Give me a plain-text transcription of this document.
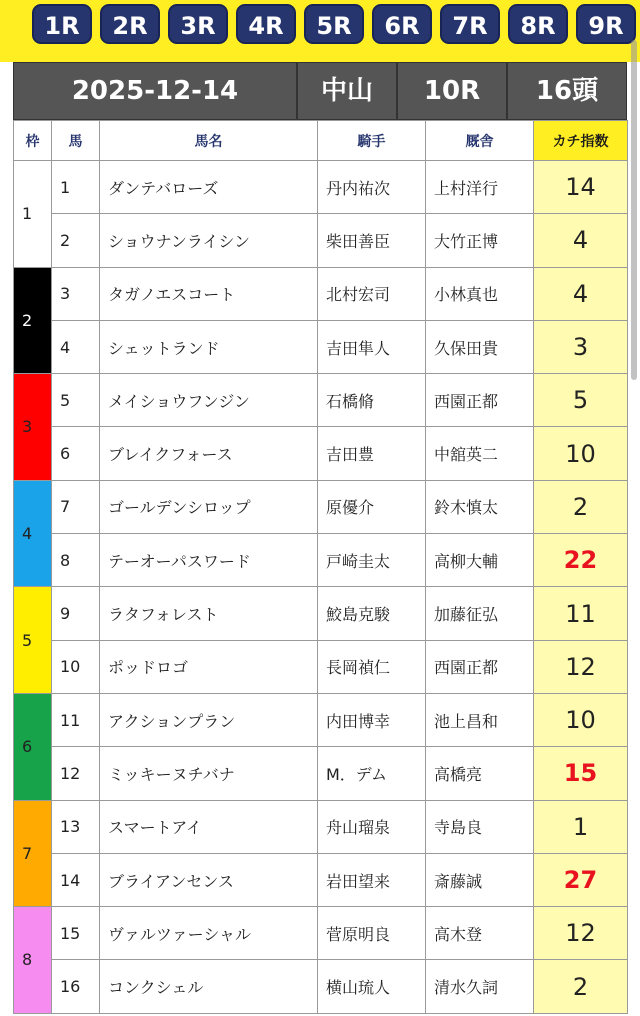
1R	2R	3R	4R	5R	6R	7R	8R	9R
2025-12-14	中山	10R	16頭
枠	馬	馬名	騎手	厩舎	カチ指数
1	1	ダンテバローズ	丹内祐次	上村洋行	14
	2	ショウナンライシン	柴田善臣	大竹正博	4
2	3	タガノエスコート	北村宏司	小林真也	4
	4	シェットランド	吉田隼人	久保田貴	3
3	5	メイショウフンジン	石橋脩	西園正都	5
	6	ブレイクフォース	吉田豊	中舘英二	10
4	7	ゴールデンシロップ	原優介	鈴木慎太	2
	8	テーオーパスワード	戸崎圭太	高柳大輔	22
5	9	ラタフォレスト	鮫島克駿	加藤征弘	11
	10	ポッドロゴ	長岡禎仁	西園正都	12
6	11	アクションプラン	内田博幸	池上昌和	10
	12	ミッキーヌチバナ	M．デム	高橋亮	15
7	13	スマートアイ	舟山瑠泉	寺島良	1
	14	ブライアンセンス	岩田望来	斎藤誠	27
8	15	ヴァルツァーシャル	菅原明良	高木登	12
	16	コンクシェル	横山琉人	清水久詞	2
